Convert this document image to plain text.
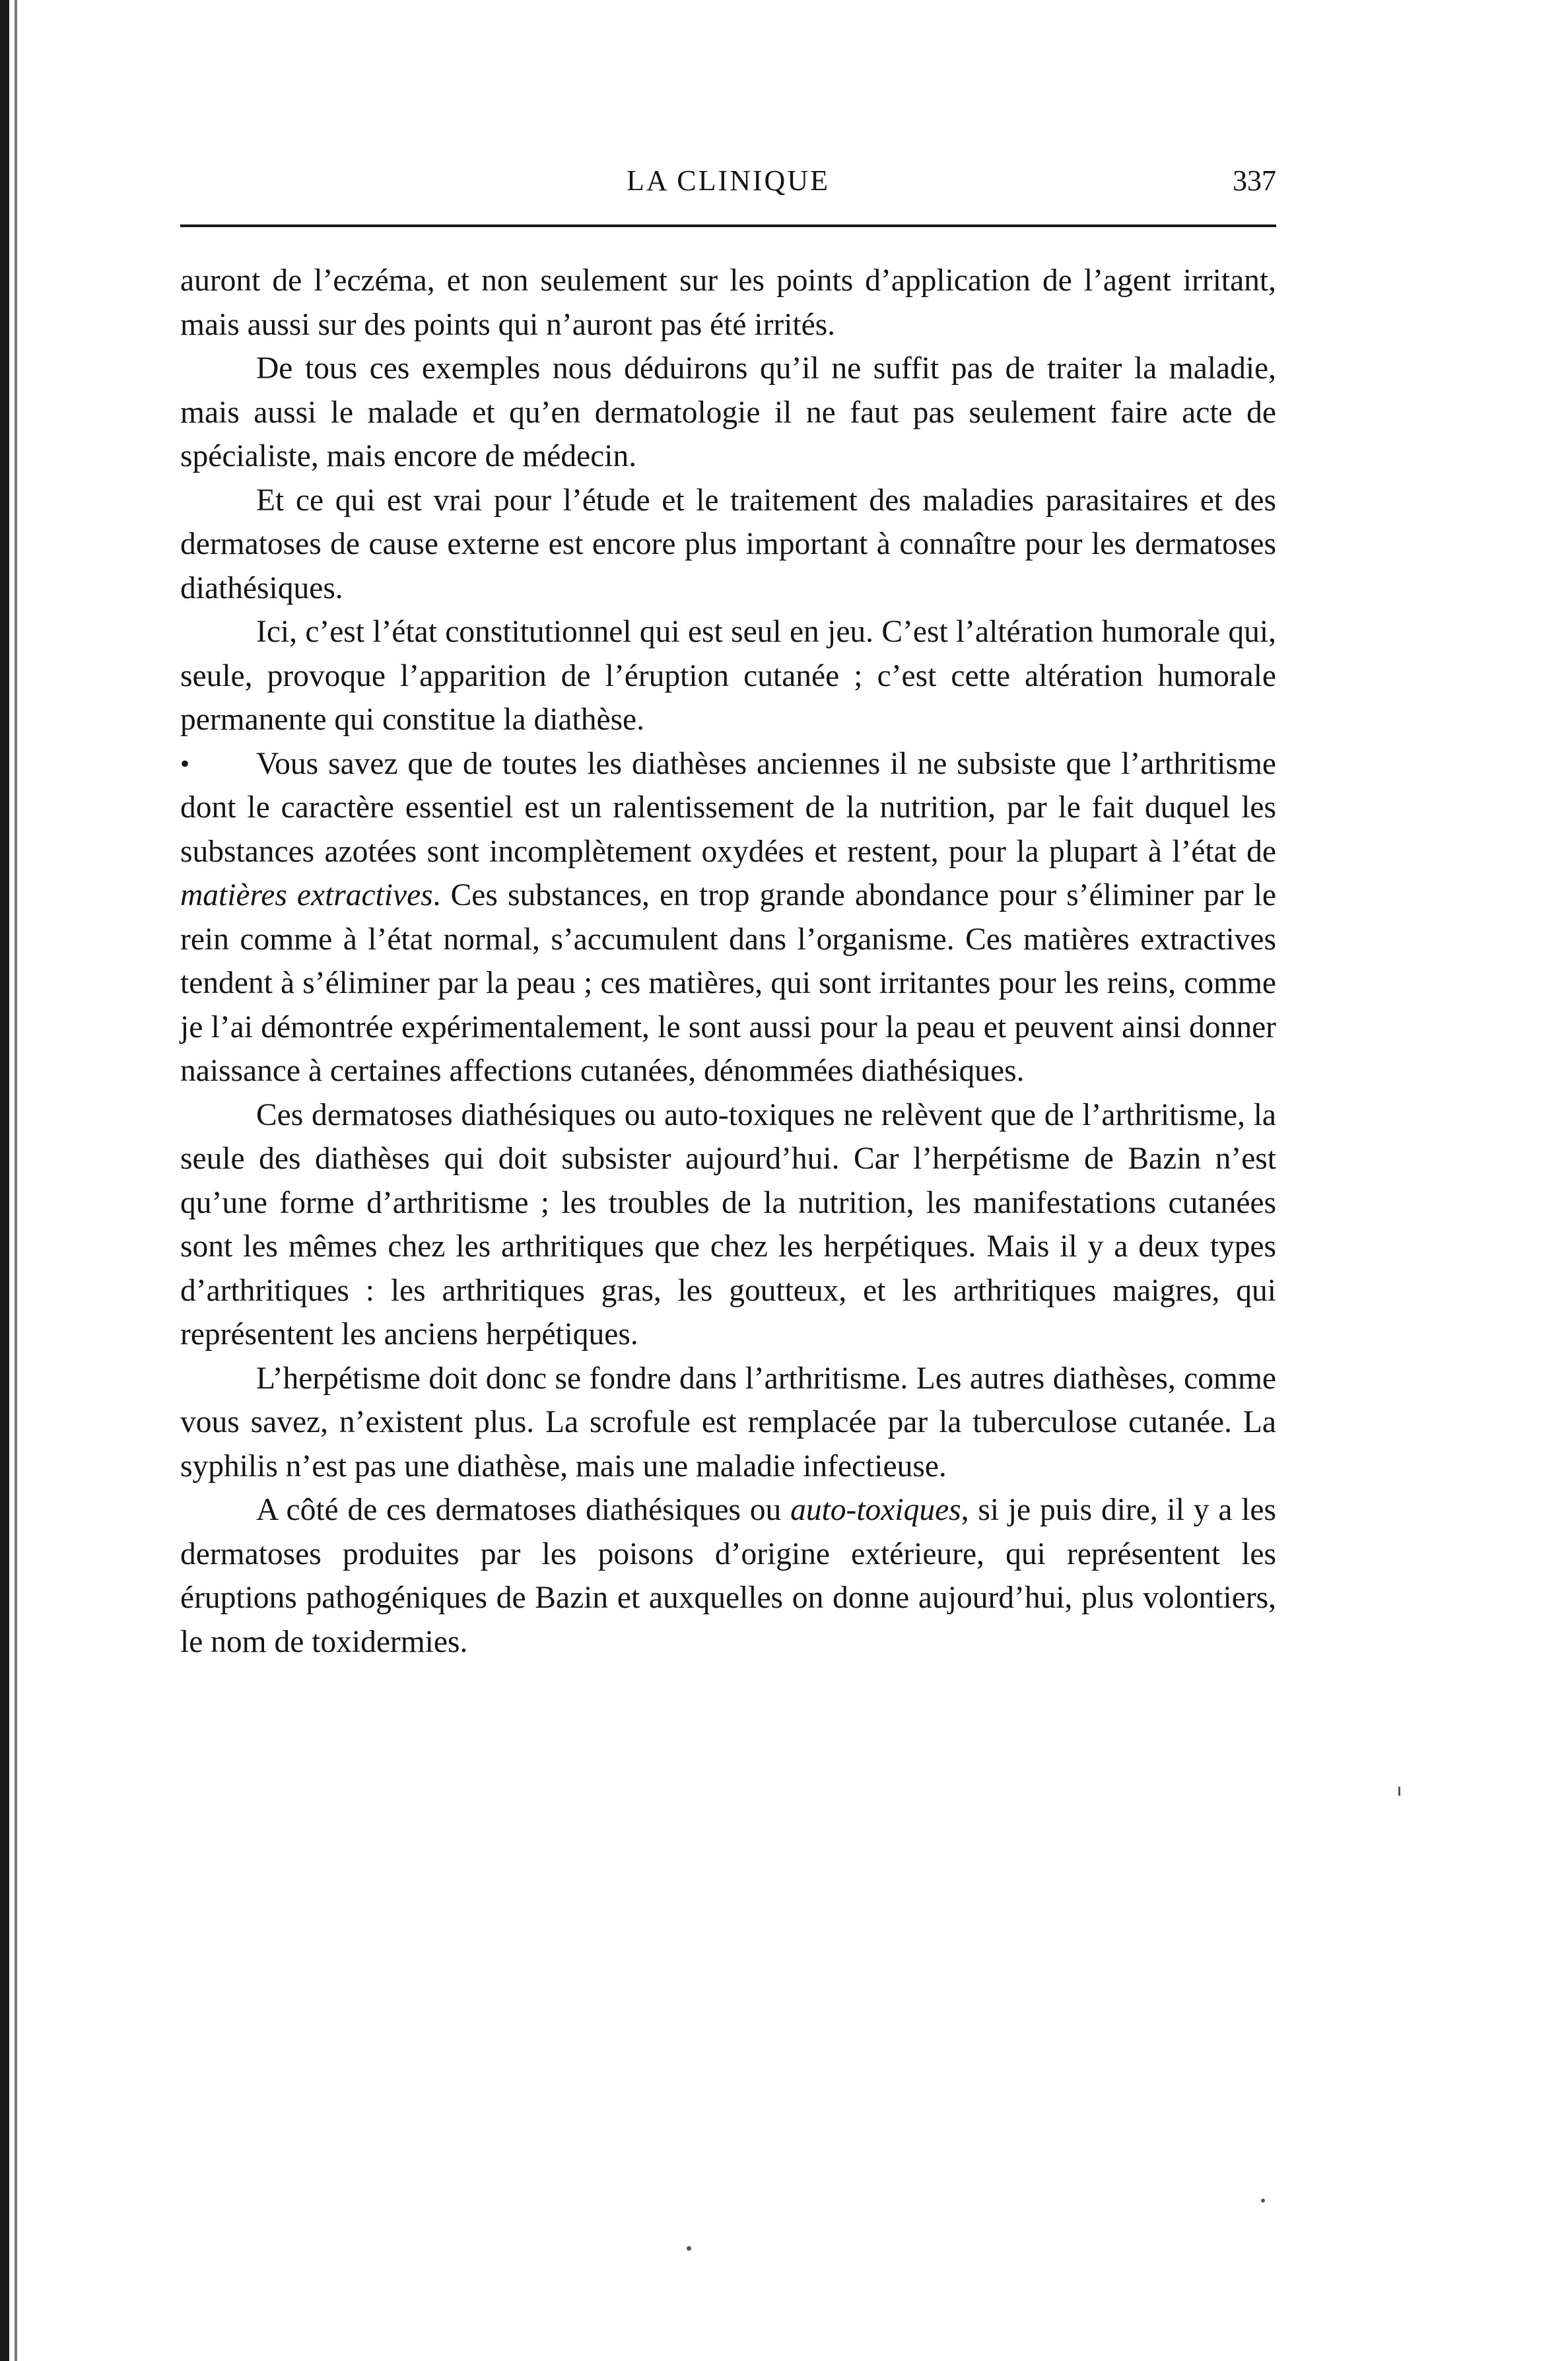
LA CLINIQUE	337

auront de l’eczéma, et non seulement sur les points d’application de l’agent irritant, mais aussi sur des points qui n’auront pas été irrités.

De tous ces exemples nous déduirons qu’il ne suffit pas de traiter la maladie, mais aussi le malade et qu’en dermatologie il ne faut pas seulement faire acte de spécialiste, mais encore de médecin.

Et ce qui est vrai pour l’étude et le traitement des maladies parasitaires et des dermatoses de cause externe est encore plus important à connaître pour les dermatoses diathésiques.

Ici, c’est l’état constitutionnel qui est seul en jeu. C’est l’altération humorale qui, seule, provoque l’apparition de l’éruption cutanée ; c’est cette altération humorale permanente qui constitue la diathèse.

• Vous savez que de toutes les diathèses anciennes il ne subsiste que l’arthritisme dont le caractère essentiel est un ralentissement de la nutrition, par le fait duquel les substances azotées sont incomplètement oxydées et restent, pour la plupart à l’état de matières extractives. Ces substances, en trop grande abondance pour s’éliminer par le rein comme à l’état normal, s’accumulent dans l’organisme. Ces matières extractives tendent à s’éliminer par la peau ; ces matières, qui sont irritantes pour les reins, comme je l’ai démontrée expérimentalement, le sont aussi pour la peau et peuvent ainsi donner naissance à certaines affections cutanées, dénommées diathésiques.

Ces dermatoses diathésiques ou auto-toxiques ne relèvent que de l’arthritisme, la seule des diathèses qui doit subsister aujourd’hui. Car l’herpétisme de Bazin n’est qu’une forme d’arthritisme ; les troubles de la nutrition, les manifestations cutanées sont les mêmes chez les arthritiques que chez les herpétiques. Mais il y a deux types d’arthritiques : les arthritiques gras, les goutteux, et les arthritiques maigres, qui représentent les anciens herpétiques.

L’herpétisme doit donc se fondre dans l’arthritisme. Les autres diathèses, comme vous savez, n’existent plus. La scrofule est remplacée par la tuberculose cutanée. La syphilis n’est pas une diathèse, mais une maladie infectieuse.

A côté de ces dermatoses diathésiques ou auto-toxiques, si je puis dire, il y a les dermatoses produites par les poisons d’origine extérieure, qui représentent les éruptions pathogéniques de Bazin et auxquelles on donne aujourd’hui, plus volontiers, le nom de toxidermies.
